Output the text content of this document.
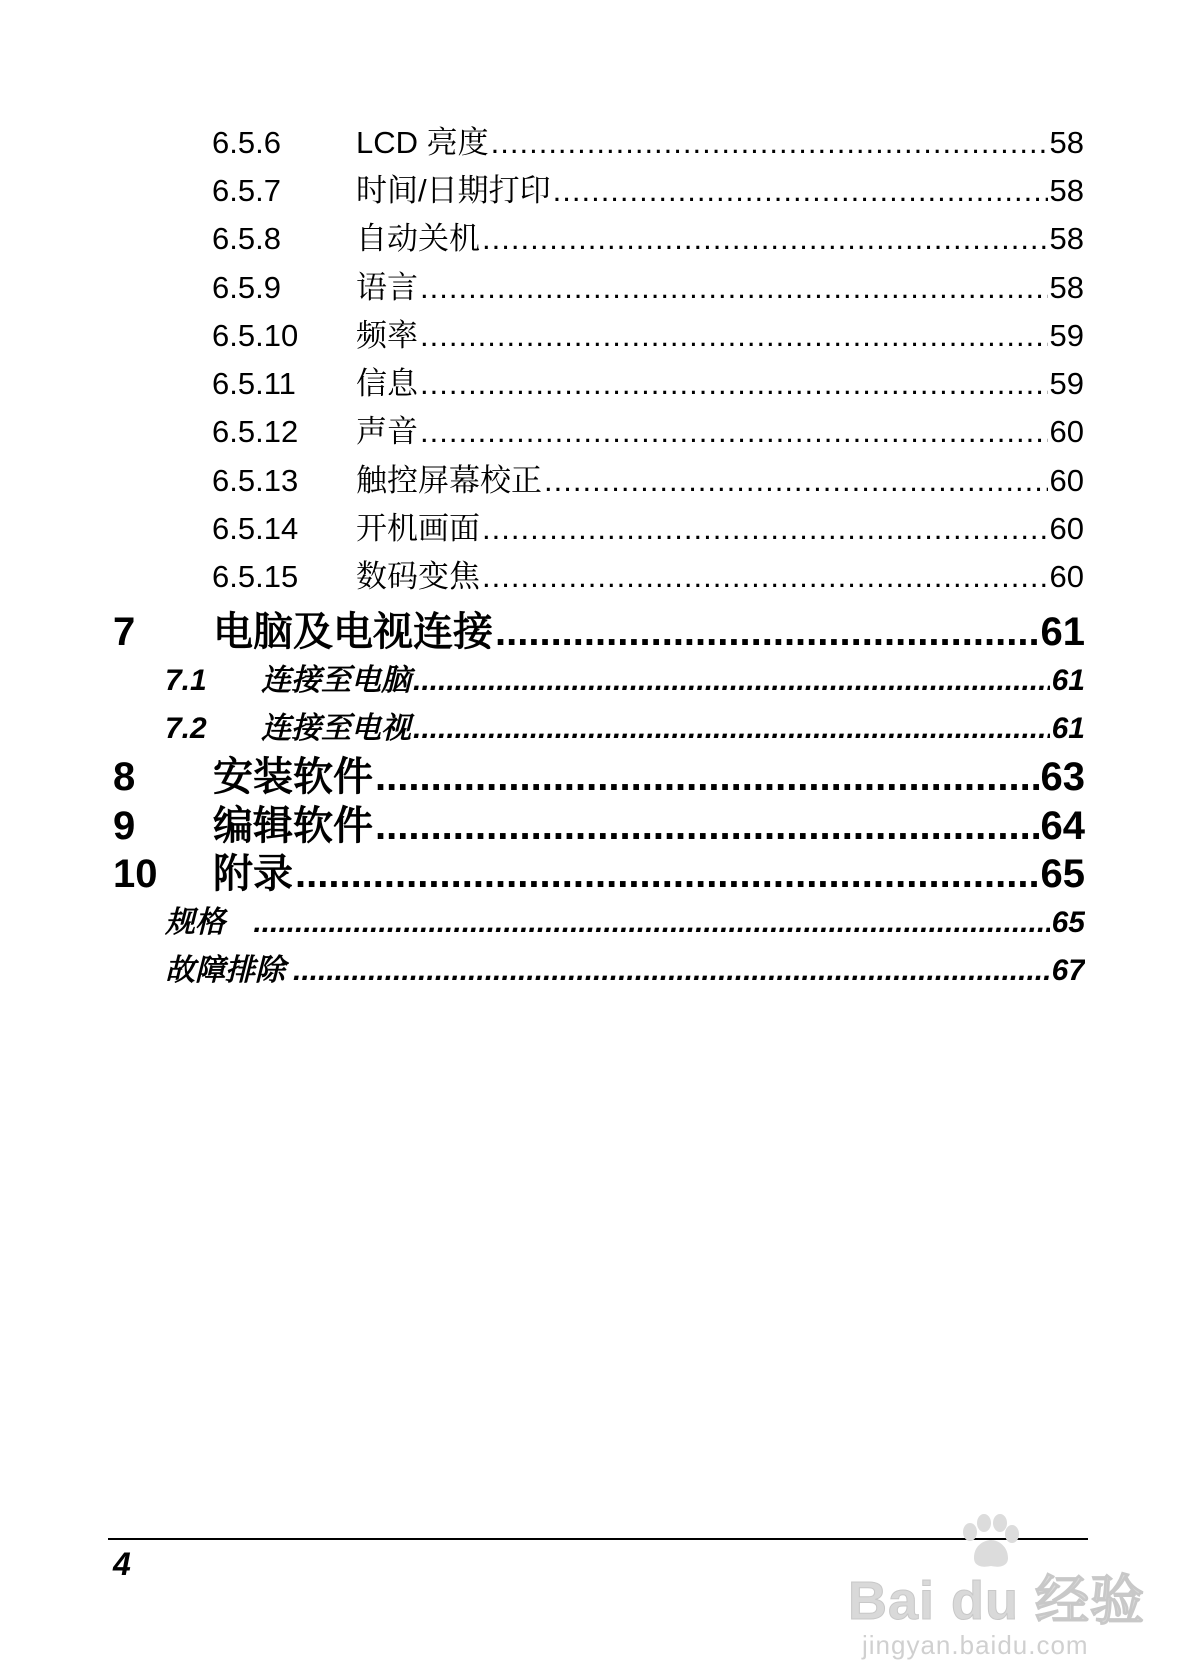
6.5.6	LCD 亮度 .....	58
6.5.7	时间/日期打印 .....	58
6.5.8	自动关机 .....	58
6.5.9	语言 .....	58
6.5.10	频率 .....	59
6.5.11	信息 .....	59
6.5.12	声音 .....	60
6.5.13	触控屏幕校正 .....	60
6.5.14	开机画面 .....	60
6.5.15	数码变焦 .....	60
7	电脑及电视连接 .....	61
7.1	连接至电脑 .....	61
7.2	连接至电视 .....	61
8	安装软件 .....	63
9	编辑软件 .....	64
10	附录 .....	65
规格 .....	65
故障排除 .....	67
4
Bai du 经验
jingyan.baidu.com
